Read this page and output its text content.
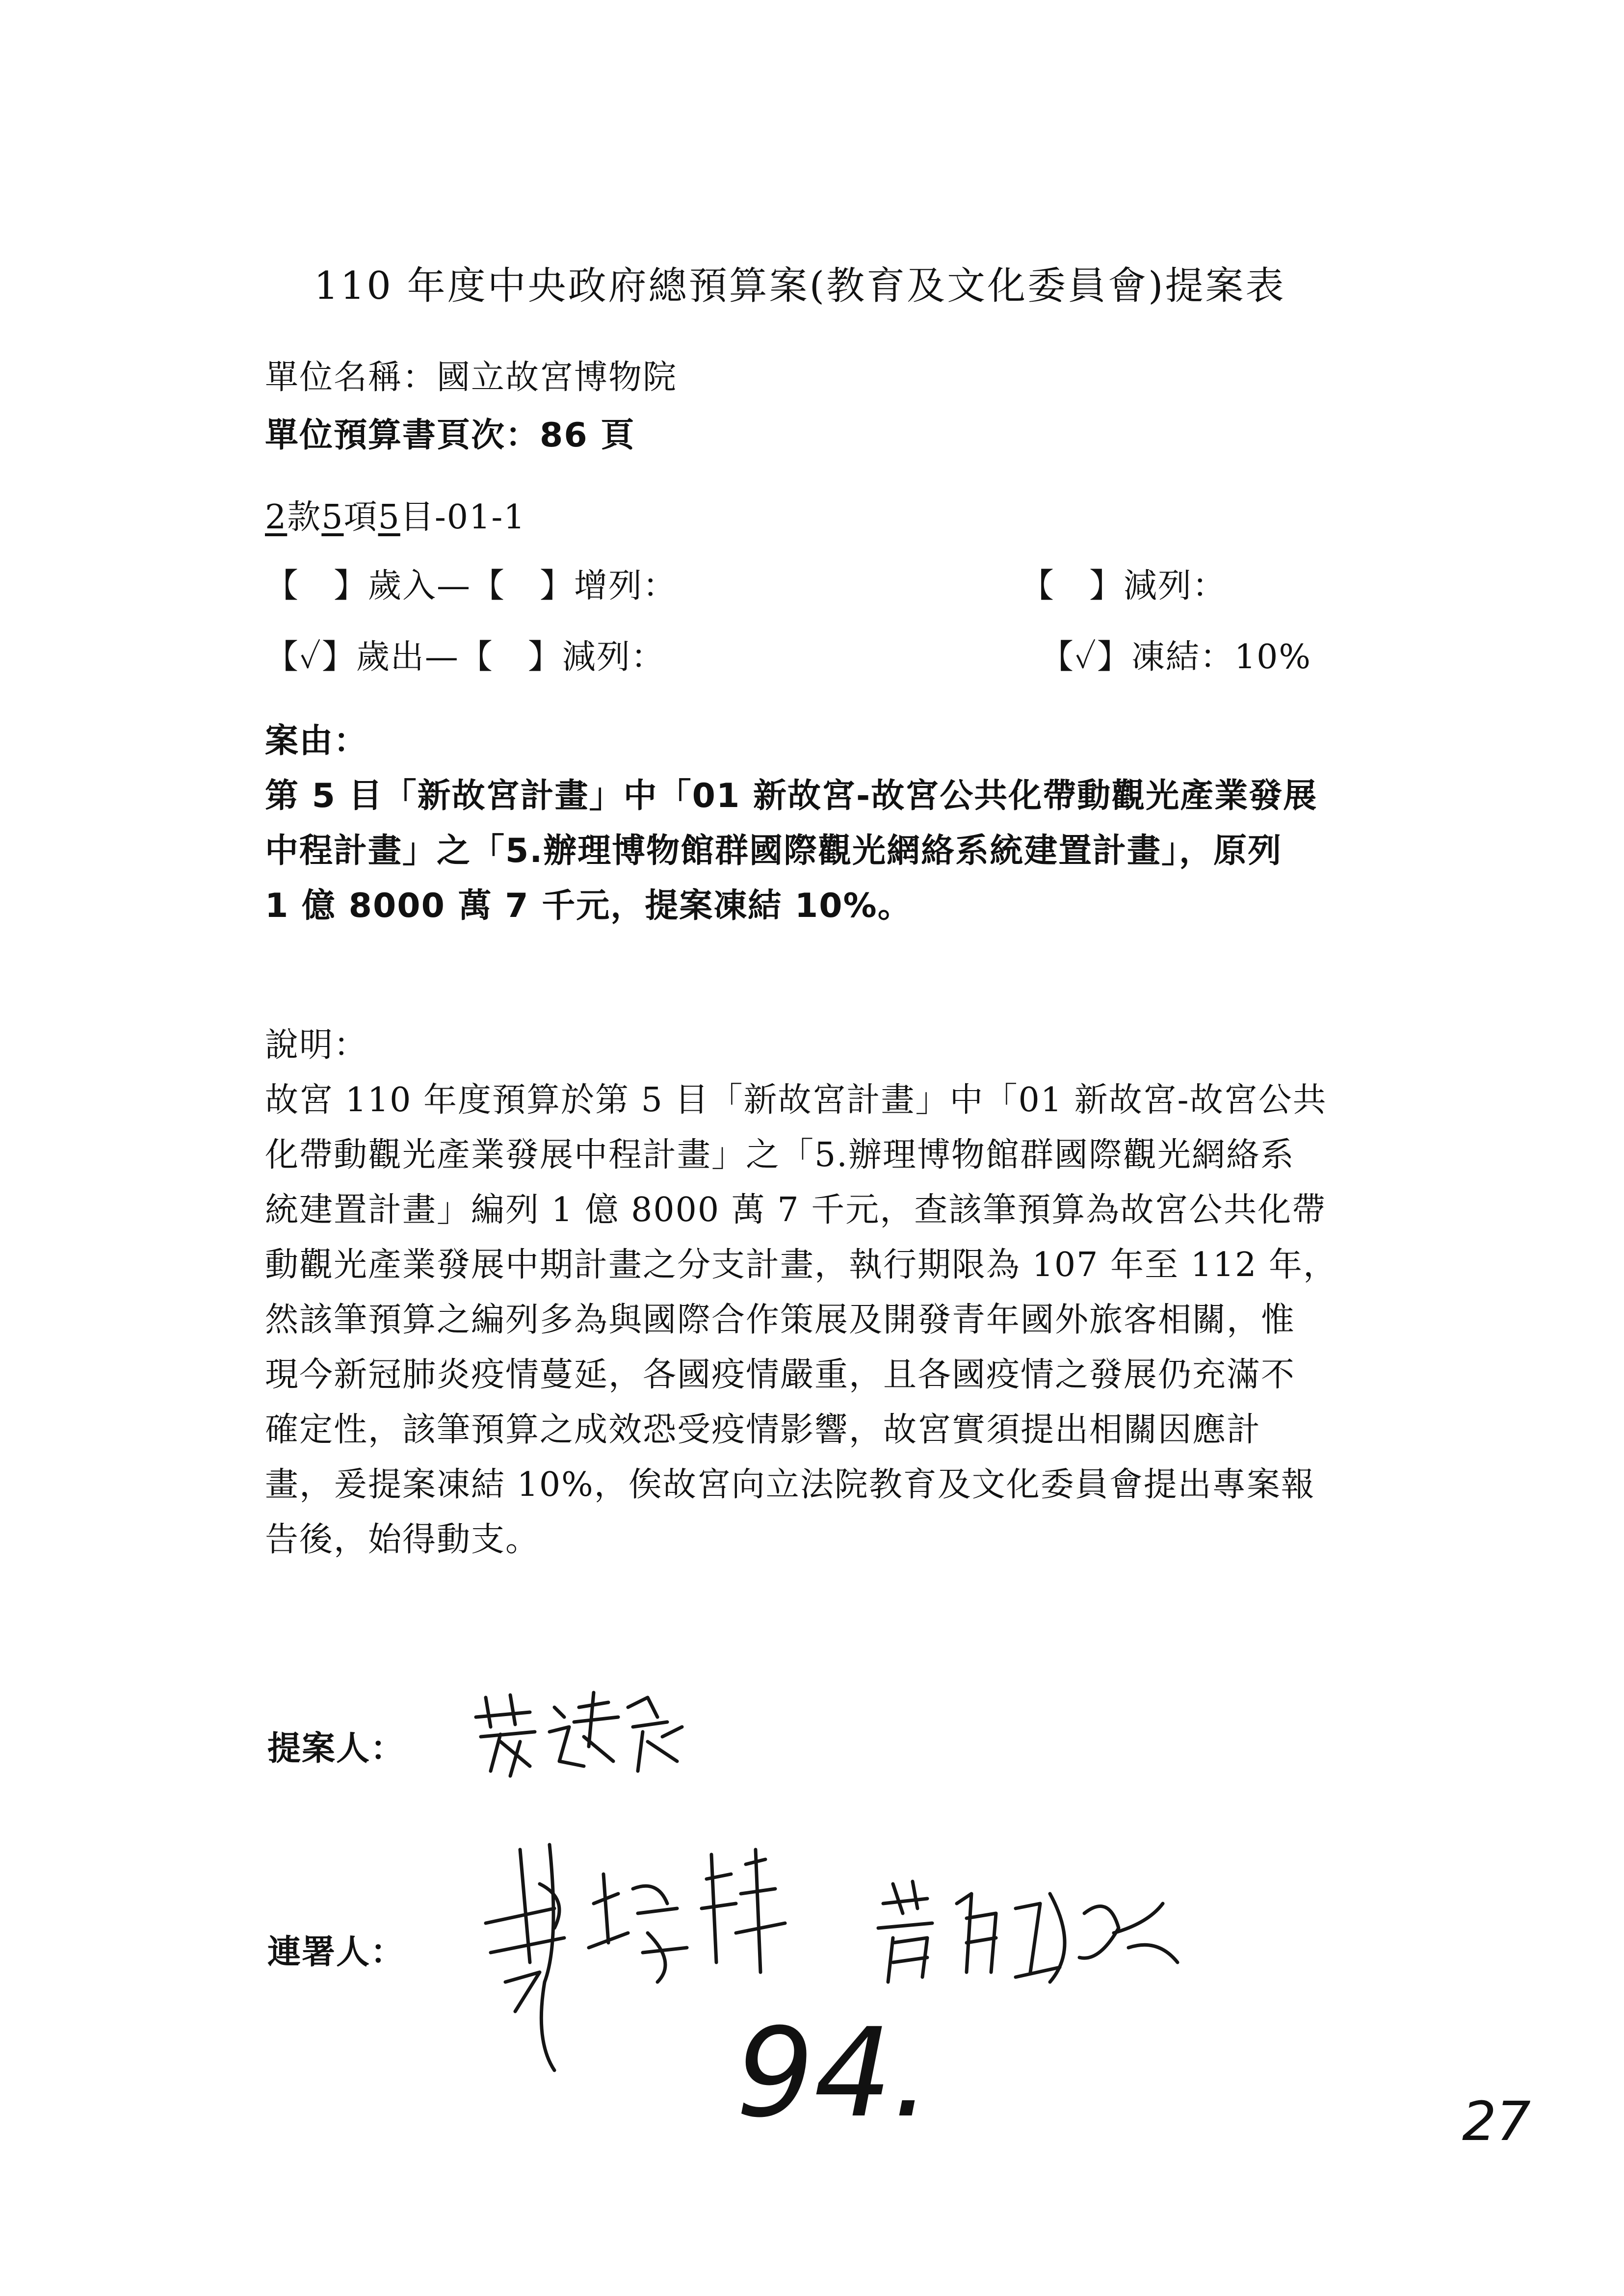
110 年度中央政府總預算案(教育及文化委員會)提案表
單位名稱：國立故宮博物院
單位預算書頁次：86 頁
2款5項5目-01-1
【　】歲入—【　】增列：	【　】減列：
【✓】歲出—【　】減列：	【✓】凍結：10%

案由：

第 5 目「新故宮計畫」中「01 新故宮-故宮公共化帶動觀光產業發展

中程計畫」之「5.辦理博物館群國際觀光網絡系統建置計畫」，原列

1 億 8000 萬 7 千元，提案凍結 10%。

說明：

故宮 110 年度預算於第 5 目「新故宮計畫」中「01 新故宮-故宮公共

化帶動觀光產業發展中程計畫」之「5.辦理博物館群國際觀光網絡系

統建置計畫」編列 1 億 8000 萬 7 千元，查該筆預算為故宮公共化帶

動觀光產業發展中期計畫之分支計畫，執行期限為 107 年至 112 年，

然該筆預算之編列多為與國際合作策展及開發青年國外旅客相關，惟

現今新冠肺炎疫情蔓延，各國疫情嚴重，且各國疫情之發展仍充滿不

確定性，該筆預算之成效恐受疫情影響，故宮實須提出相關因應計

畫，爰提案凍結 10%，俟故宮向立法院教育及文化委員會提出專案報

告後，始得動支。

提案人：
連署人：
94.	27
